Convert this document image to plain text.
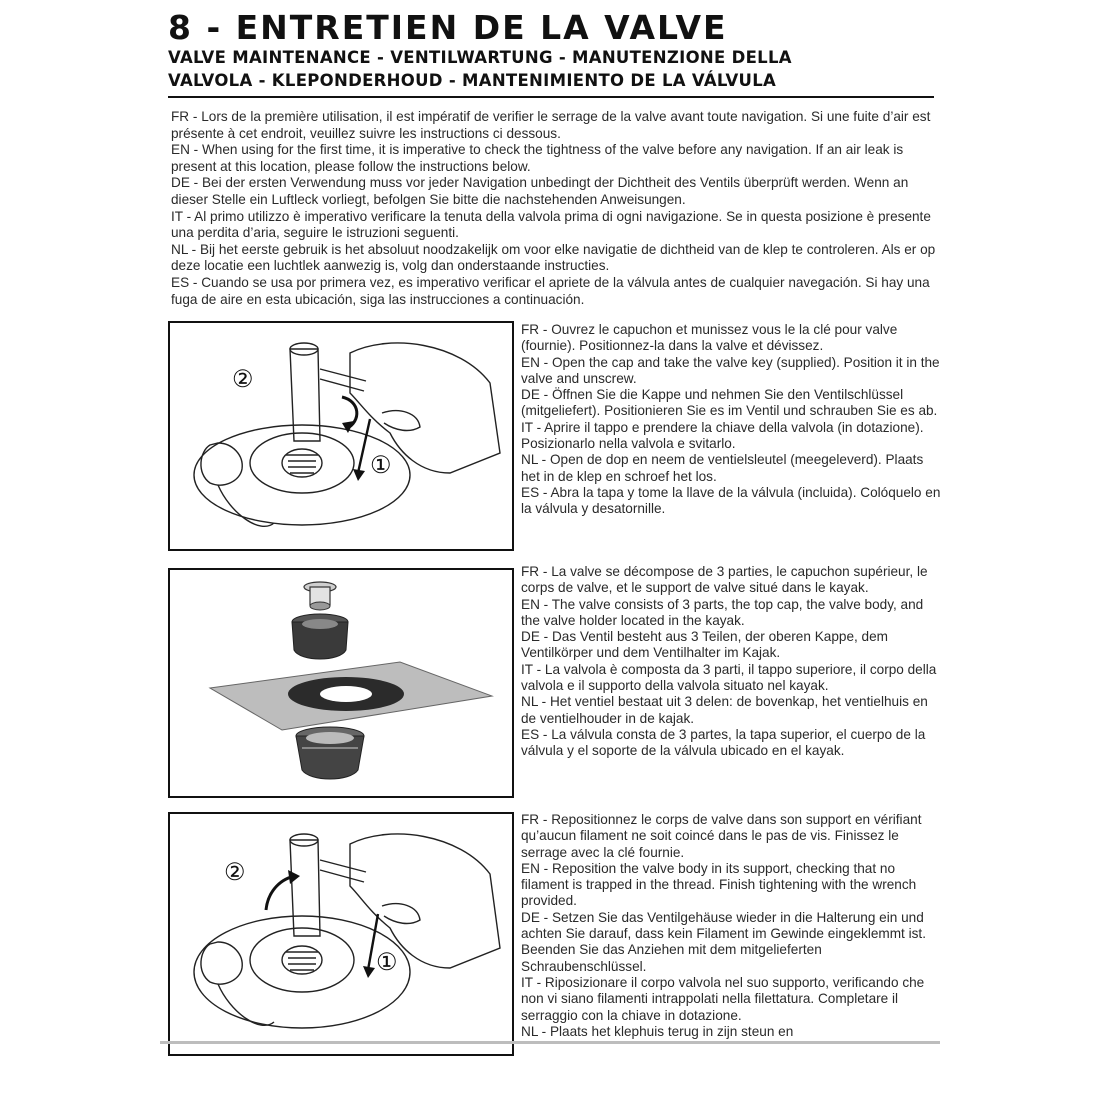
8 - ENTRETIEN DE LA VALVE
VALVE MAINTENANCE - VENTILWARTUNG - MANUTENZIONE DELLA
VALVOLA - KLEPONDERHOUD - MANTENIMIENTO DE LA VÁLVULA

FR - Lors de la première utilisation, il est impératif de verifier le serrage de la valve avant toute navigation. Si une fuite d’air est présente à cet endroit, veuillez suivre les instructions ci dessous.

EN - When using for the first time, it is imperative to check the tightness of the valve before any navigation. If an air leak is present at this location, please follow the instructions below.

DE - Bei der ersten Verwendung muss vor jeder Navigation unbedingt der Dichtheit des Ventils überprüft werden. Wenn an dieser Stelle ein Luftleck vorliegt, befolgen Sie bitte die nachstehenden Anweisungen.

IT - Al primo utilizzo è imperativo verificare la tenuta della valvola prima di ogni navigazione. Se in questa posizione è presente una perdita d’aria, seguire le istruzioni seguenti.

NL - Bij het eerste gebruik is het absoluut noodzakelijk om voor elke navigatie de dichtheid van de klep te controleren. Als er op deze locatie een luchtlek aanwezig is, volg dan onderstaande instructies.

ES - Cuando se usa por primera vez, es imperativo verificar el apriete de la válvula antes de cualquier navegación. Si hay una fuga de aire en esta ubicación, siga las instrucciones a continuación.

②
①

FR - Ouvrez le capuchon et munissez vous le la clé pour valve (fournie). Positionnez-la dans la valve et dévissez.

EN - Open the cap and take the valve key (supplied). Position it in the valve and unscrew.

DE - Öffnen Sie die Kappe und nehmen Sie den Ventilschlüssel (mitgeliefert). Positionieren Sie es im Ventil und schrauben Sie es ab.

IT - Aprire il tappo e prendere la chiave della valvola (in dotazione). Posizionarlo nella valvola e svitarlo.

NL - Open de dop en neem de ventielsleutel (meegeleverd). Plaats het in de klep en schroef het los.

ES - Abra la tapa y tome la llave de la válvula (incluida). Colóquelo en la válvula y desatornille.

FR - La valve se décompose de 3 parties, le capuchon supérieur, le corps de valve, et le support de valve situé dans le kayak.

EN - The valve consists of 3 parts, the top cap, the valve body, and the valve holder located in the kayak.

DE - Das Ventil besteht aus 3 Teilen, der oberen Kappe, dem Ventilkörper und dem Ventilhalter im Kajak.

IT - La valvola è composta da 3 parti, il tappo superiore, il corpo della valvola e il supporto della valvola situato nel kayak.

NL - Het ventiel bestaat uit 3 delen: de bovenkap, het ventielhuis en de ventielhouder in de kajak.

ES - La válvula consta de 3 partes, la tapa superior, el cuerpo de la válvula y el soporte de la válvula ubicado en el kayak.

②
①

FR - Repositionnez le corps de valve dans son support en vérifiant qu’aucun filament ne soit coincé dans le pas de vis. Finissez le serrage avec la clé fournie.

EN - Reposition the valve body in its support, checking that no filament is trapped in the thread. Finish tightening with the wrench provided.

DE - Setzen Sie das Ventilgehäuse wieder in die Halterung ein und achten Sie darauf, dass kein Filament im Gewinde eingeklemmt ist. Beenden Sie das Anziehen mit dem mitgelieferten Schraubenschlüssel.

IT - Riposizionare il corpo valvola nel suo supporto, verificando che non vi siano filamenti intrappolati nella filettatura. Completare il serraggio con la chiave in dotazione.

NL - Plaats het klephuis terug in zijn steun en
